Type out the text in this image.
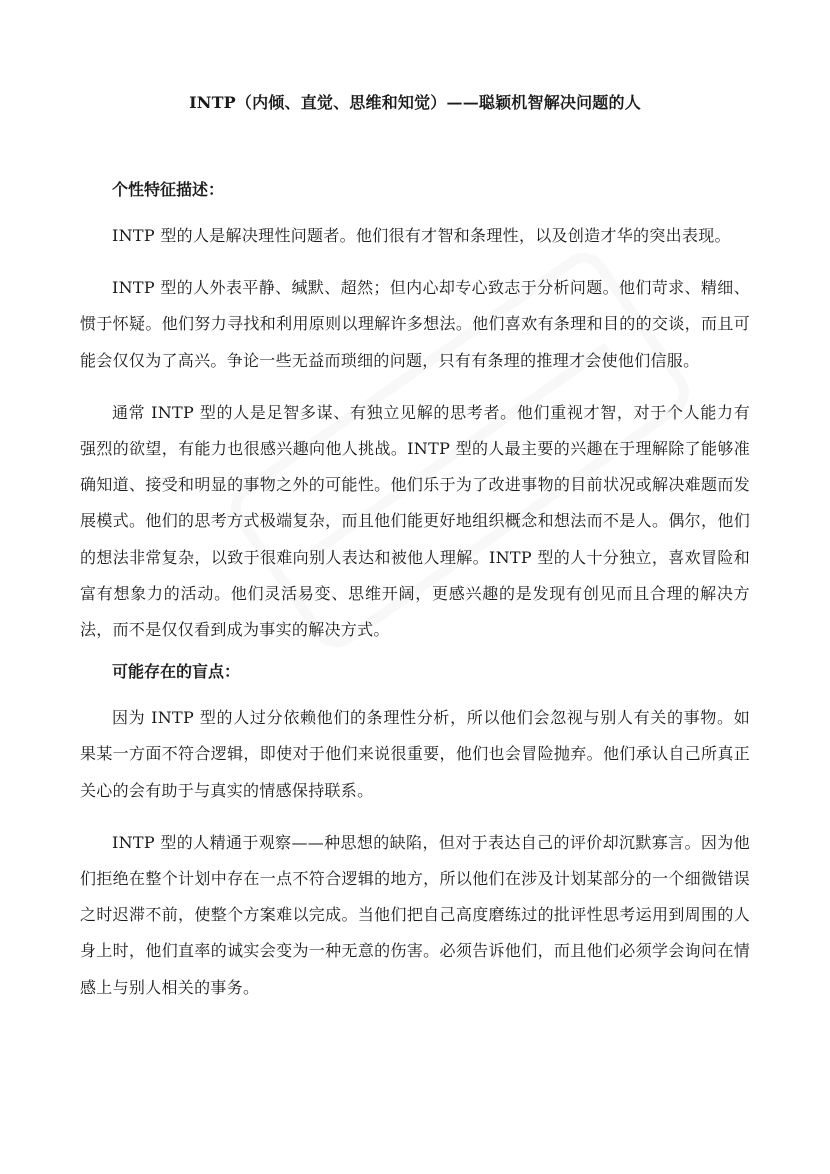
INTP（内倾、直觉、思维和知觉）——聪颖机智解决问题的人
个性特征描述：

INTP 型的人是解决理性问题者。他们很有才智和条理性，以及创造才华的突出表现。

INTP 型的人外表平静、缄默、超然；但内心却专心致志于分析问题。他们苛求、精细、惯于怀疑。他们努力寻找和利用原则以理解许多想法。他们喜欢有条理和目的的交谈，而且可能会仅仅为了高兴。争论一些无益而琐细的问题，只有有条理的推理才会使他们信服。

通常 INTP 型的人是足智多谋、有独立见解的思考者。他们重视才智，对于个人能力有强烈的欲望，有能力也很感兴趣向他人挑战。INTP 型的人最主要的兴趣在于理解除了能够准确知道、接受和明显的事物之外的可能性。他们乐于为了改进事物的目前状况或解决难题而发展模式。他们的思考方式极端复杂，而且他们能更好地组织概念和想法而不是人。偶尔，他们的想法非常复杂，以致于很难向别人表达和被他人理解。INTP 型的人十分独立，喜欢冒险和富有想象力的活动。他们灵活易变、思维开阔，更感兴趣的是发现有创见而且合理的解决方法，而不是仅仅看到成为事实的解决方式。

可能存在的盲点：

因为 INTP 型的人过分依赖他们的条理性分析，所以他们会忽视与别人有关的事物。如果某一方面不符合逻辑，即使对于他们来说很重要，他们也会冒险抛弃。他们承认自己所真正关心的会有助于与真实的情感保持联系。

INTP 型的人精通于观察——种思想的缺陷，但对于表达自己的评价却沉默寡言。因为他们拒绝在整个计划中存在一点不符合逻辑的地方，所以他们在涉及计划某部分的一个细微错误之时迟滞不前，使整个方案难以完成。当他们把自己高度磨练过的批评性思考运用到周围的人身上时，他们直率的诚实会变为一种无意的伤害。必须告诉他们，而且他们必须学会询问在情感上与别人相关的事务。
